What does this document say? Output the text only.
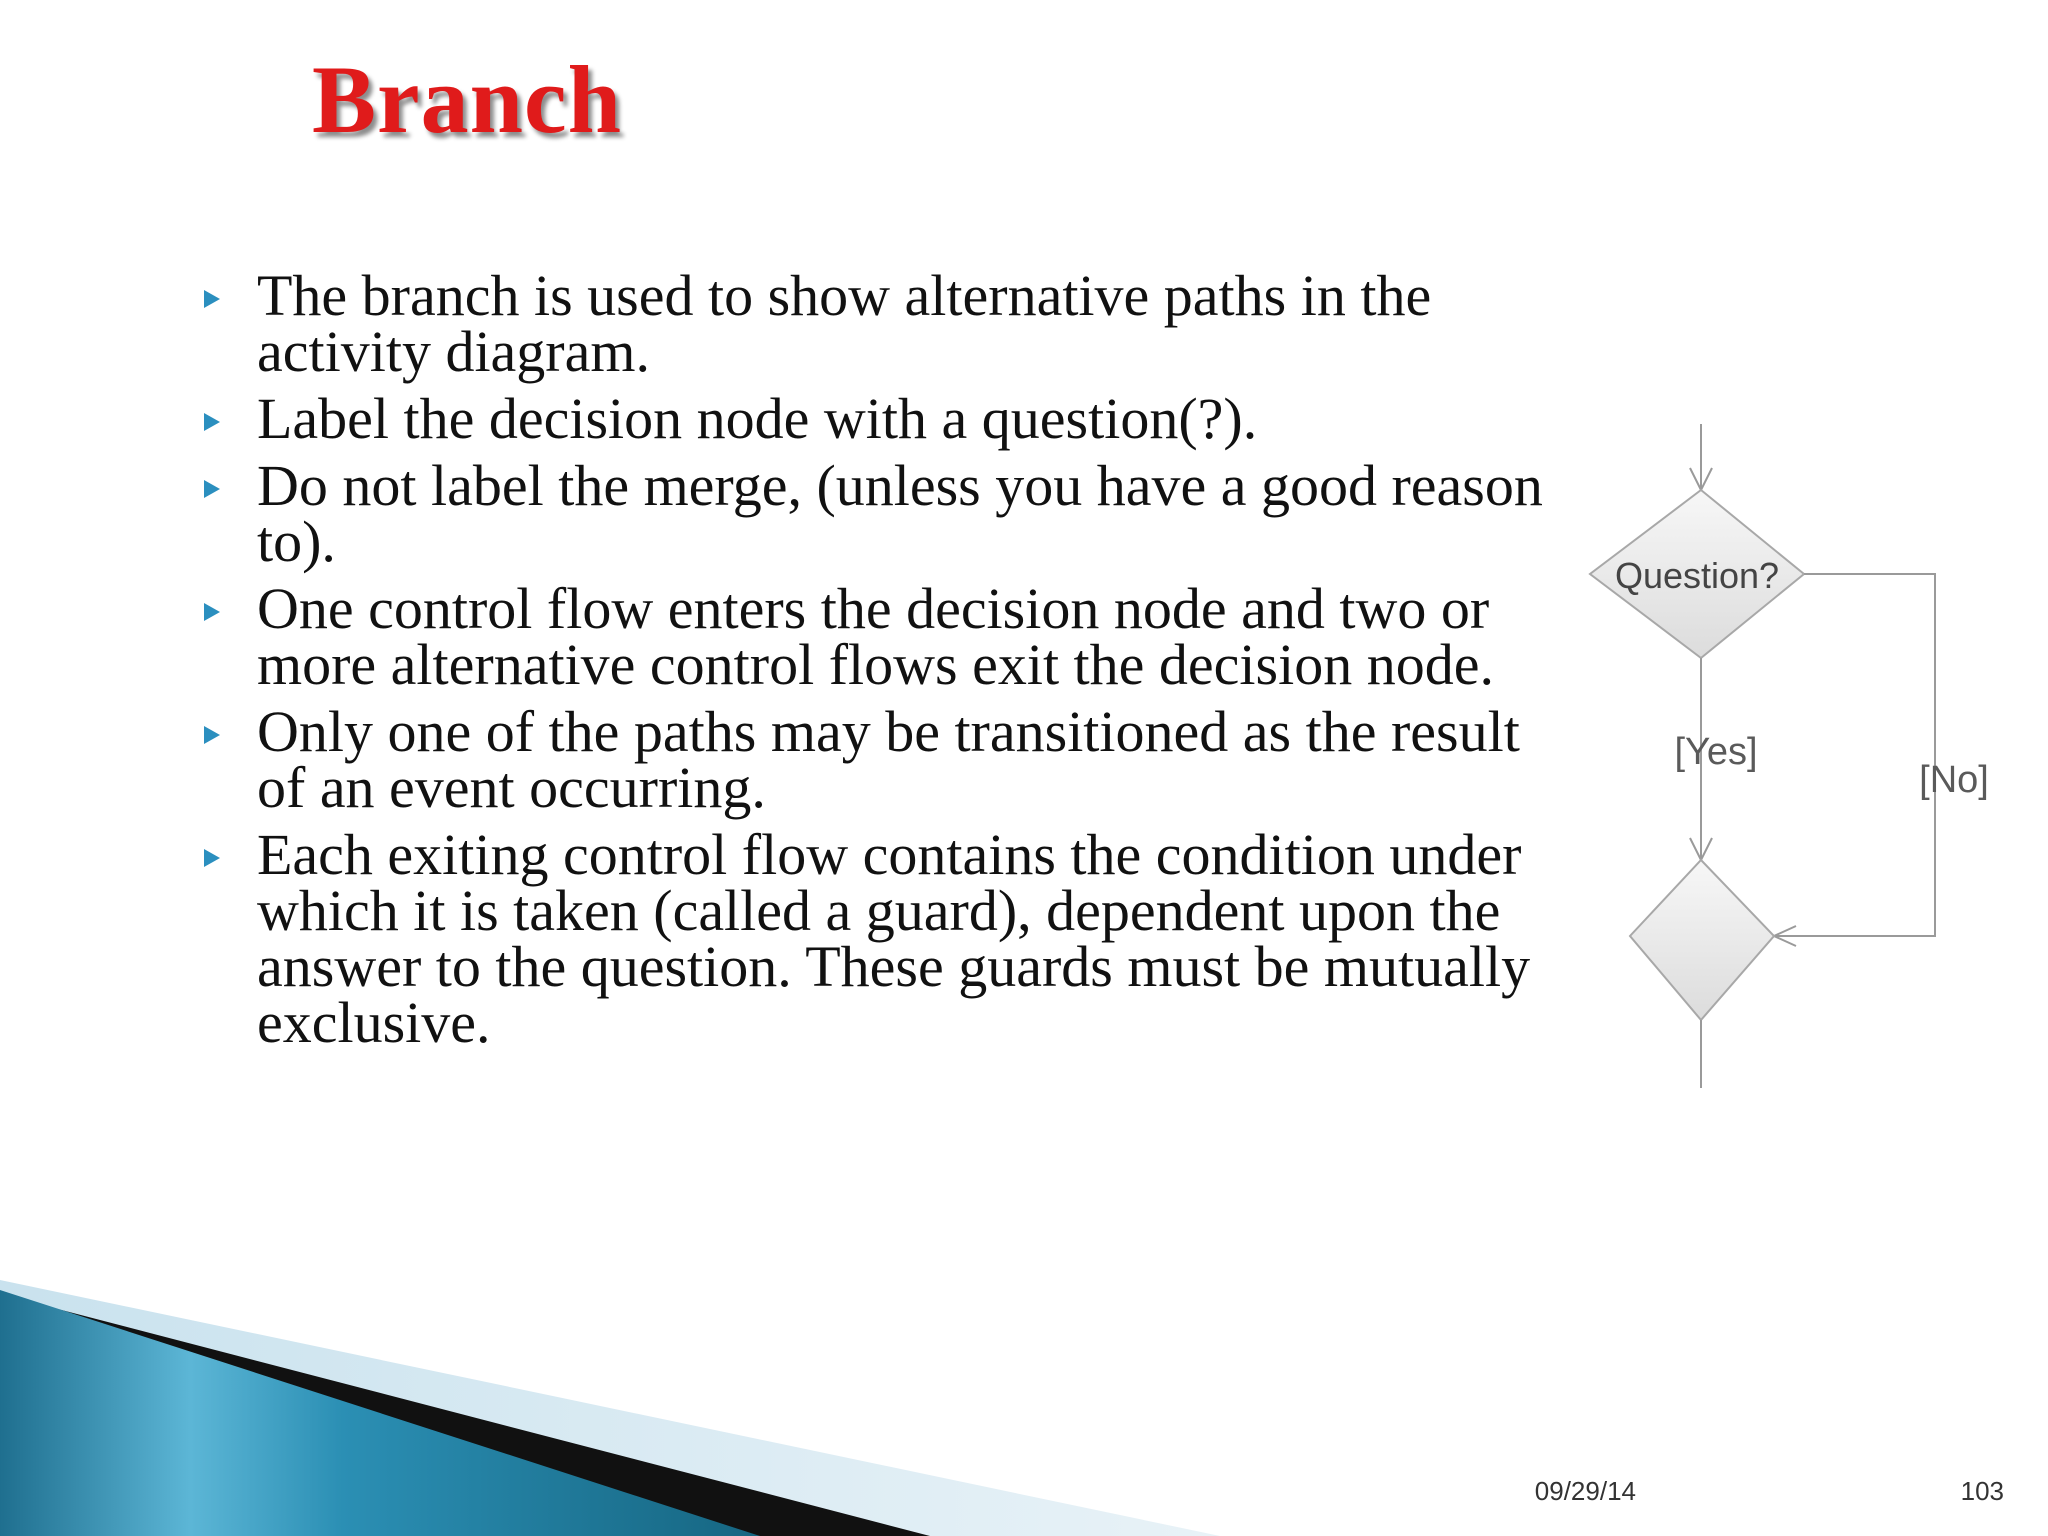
Branch
The branch is used to show alternative paths in the activity diagram.
Label the decision node with a question(?).
Do not label the merge, (unless you have a good reason to).
One control flow enters the decision node and two or more alternative control flows exit the decision node.
Only one of the paths may be transitioned as the result of an event occurring.
Each exiting control flow contains the condition under which it is taken (called a guard), dependent upon the answer to the question. These guards must be mutually exclusive.
Question?
[Yes]
[No]
09/29/14	103
